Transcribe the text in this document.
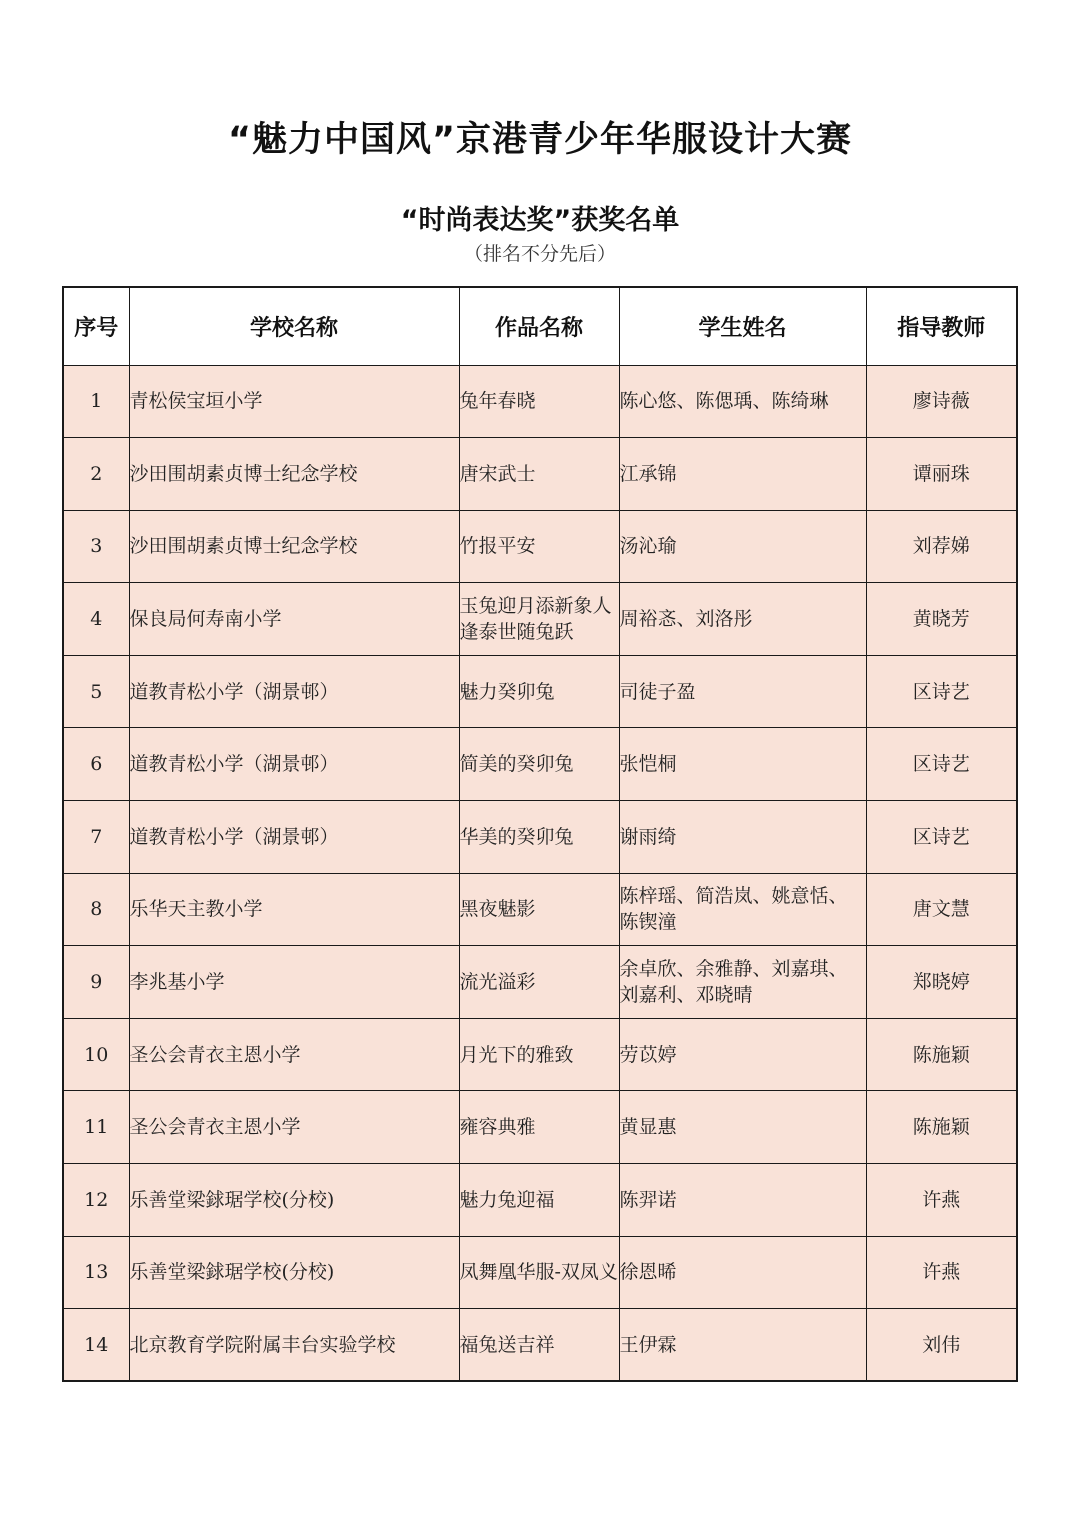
“魅力中国风”京港青少年华服设计大赛
“时尚表达奖”获奖名单
（排名不分先后）
序号	学校名称	作品名称	学生姓名	指导教师
1	青松侯宝垣小学	兔年春晓	陈心悠、陈偲瑀、陈绮琳	廖诗薇
2	沙田围胡素贞博士纪念学校	唐宋武士	江承锦	谭丽珠
3	沙田围胡素贞博士纪念学校	竹报平安	汤沁瑜	刘荐娣
4	保良局何寿南小学	玉兔迎月添新象人逢泰世随兔跃	周裕忞、刘洛彤	黄晓芳
5	道教青松小学（湖景邨）	魅力癸卯兔	司徒子盈	区诗艺
6	道教青松小学（湖景邨）	简美的癸卯兔	张恺桐	区诗艺
7	道教青松小学（湖景邨）	华美的癸卯兔	谢雨绮	区诗艺
8	乐华天主教小学	黑夜魅影	陈梓瑶、简浩岚、姚意恬、陈锲潼	唐文慧
9	李兆基小学	流光溢彩	余卓欣、余雅静、刘嘉琪、刘嘉利、邓晓晴	郑晓婷
10	圣公会青衣主恩小学	月光下的雅致	劳苡婷	陈施颖
11	圣公会青衣主恩小学	雍容典雅	黄显惠	陈施颖
12	乐善堂梁銶琚学校(分校)	魅力兔迎福	陈羿诺	许燕
13	乐善堂梁銶琚学校(分校)	凤舞凰华服-双凤义	徐恩晞	许燕
14	北京教育学院附属丰台实验学校	福兔送吉祥	王伊霖	刘伟
